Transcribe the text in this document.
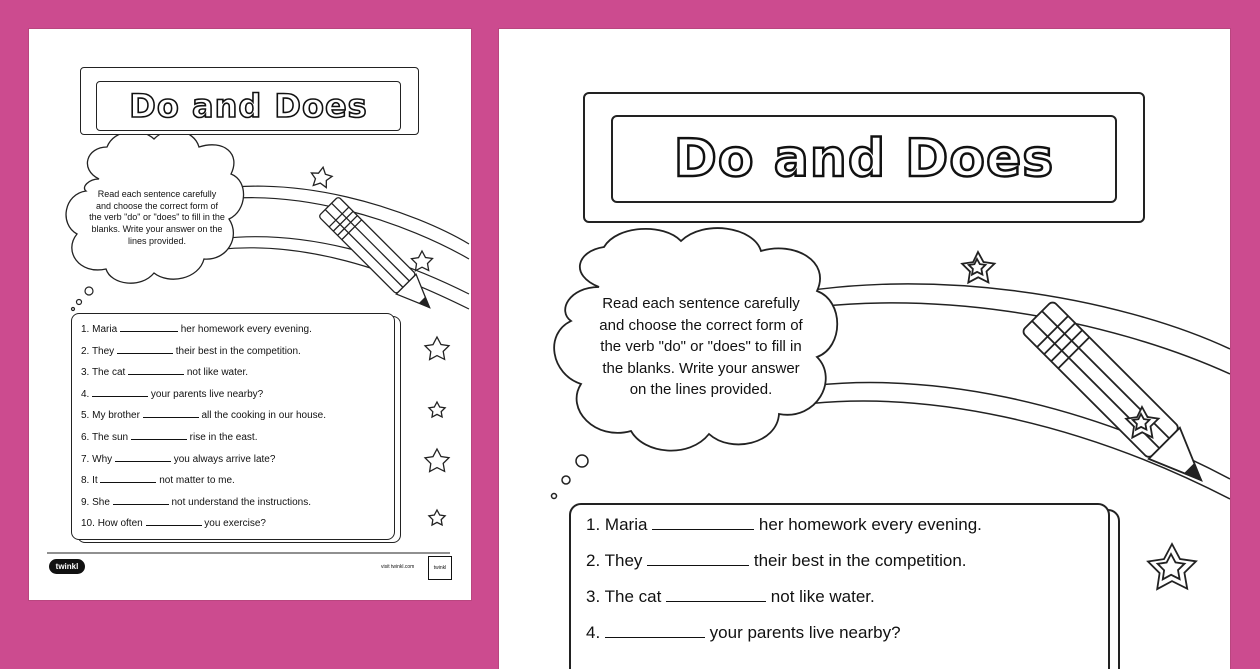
Do and Does
Read each sentence carefully and choose the correct form of the verb "do" or "does" to fill in the blanks. Write your answer on the lines provided.
1. Maria	her homework every evening.
2. They	their best in the competition.
3. The cat	not like water.
4.	your parents live nearby?
5. My brother	all the cooking in our house.
6. The sun	rise in the east.
7. Why	you always arrive late?
8. It	not matter to me.
9. She	not understand the instructions.
10. How often	you exercise?
twinkl	visit twinkl.com	twinkl
Do and Does
Read each sentence carefully and choose the correct form of the verb "do" or "does" to fill in the blanks. Write your answer on the lines provided.
1. Maria	her homework every evening.
2. They	their best in the competition.
3. The cat	not like water.
4.	your parents live nearby?
